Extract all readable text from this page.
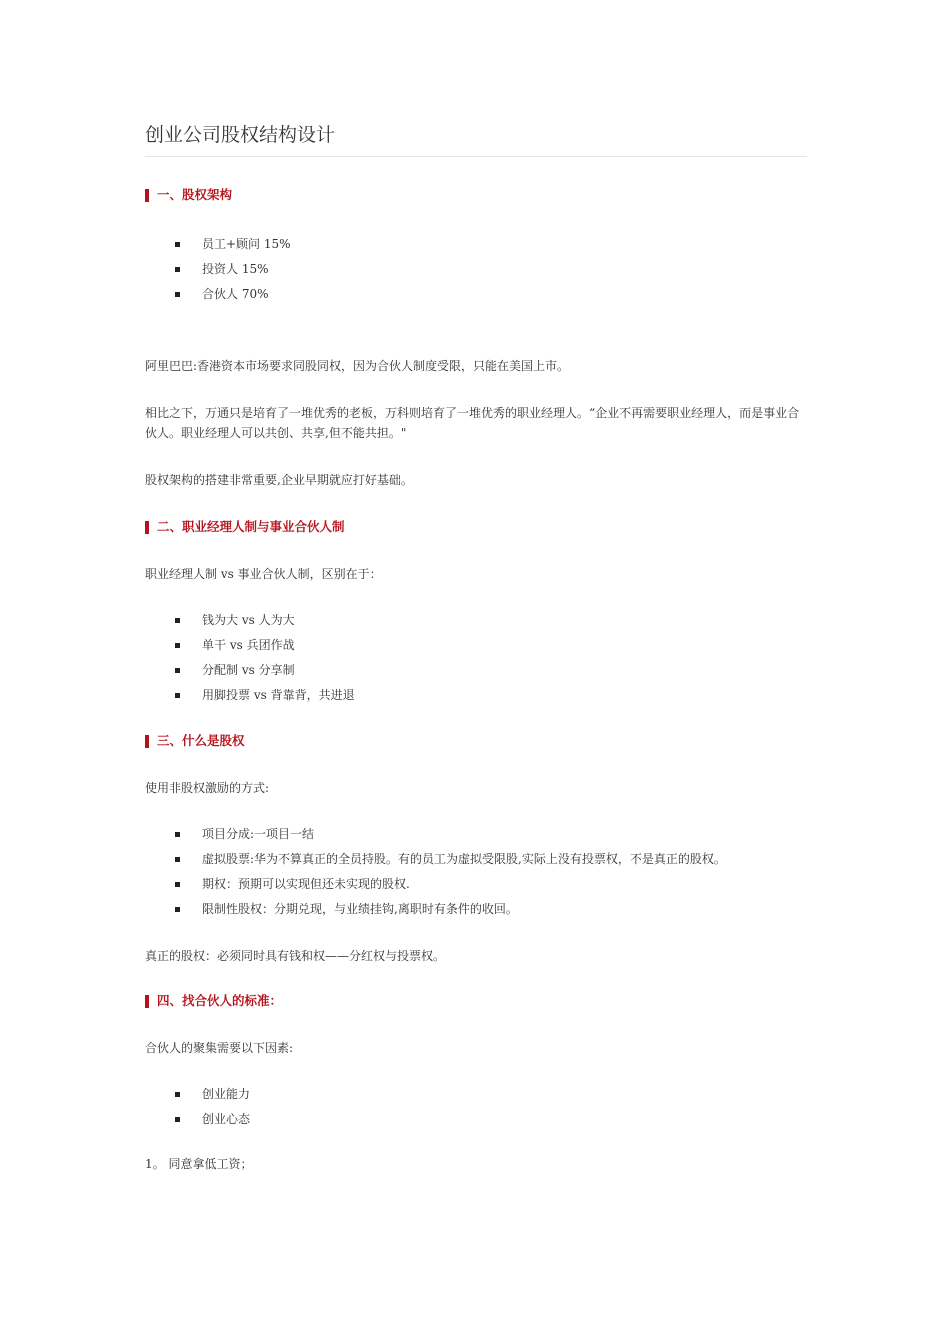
创业公司股权结构设计
一、股权架构
员工+顾问 15%
投资人 15%
合伙人 70%

阿里巴巴:香港资本市场要求同股同权，因为合伙人制度受限，只能在美国上市。

相比之下，万通只是培育了一堆优秀的老板，万科则培育了一堆优秀的职业经理人。“企业不再需要职业经理人，而是事业合伙人。职业经理人可以共创、共享,但不能共担。"

股权架构的搭建非常重要,企业早期就应打好基础。

二、职业经理人制与事业合伙人制

职业经理人制 vs 事业合伙人制，区别在于：

钱为大 vs 人为大
单干 vs 兵团作战
分配制 vs 分享制
用脚投票 vs 背靠背，共进退
三、什么是股权

使用非股权激励的方式:

项目分成:一项目一结
虚拟股票:华为不算真正的全员持股。有的员工为虚拟受限股,实际上没有投票权，不是真正的股权。
期权：预期可以实现但还未实现的股权.
限制性股权：分期兑现，与业绩挂钩,离职时有条件的收回。

真正的股权：必须同时具有钱和权——分红权与投票权。

四、找合伙人的标准：

合伙人的聚集需要以下因素:

创业能力
创业心态

1。 同意拿低工资；
